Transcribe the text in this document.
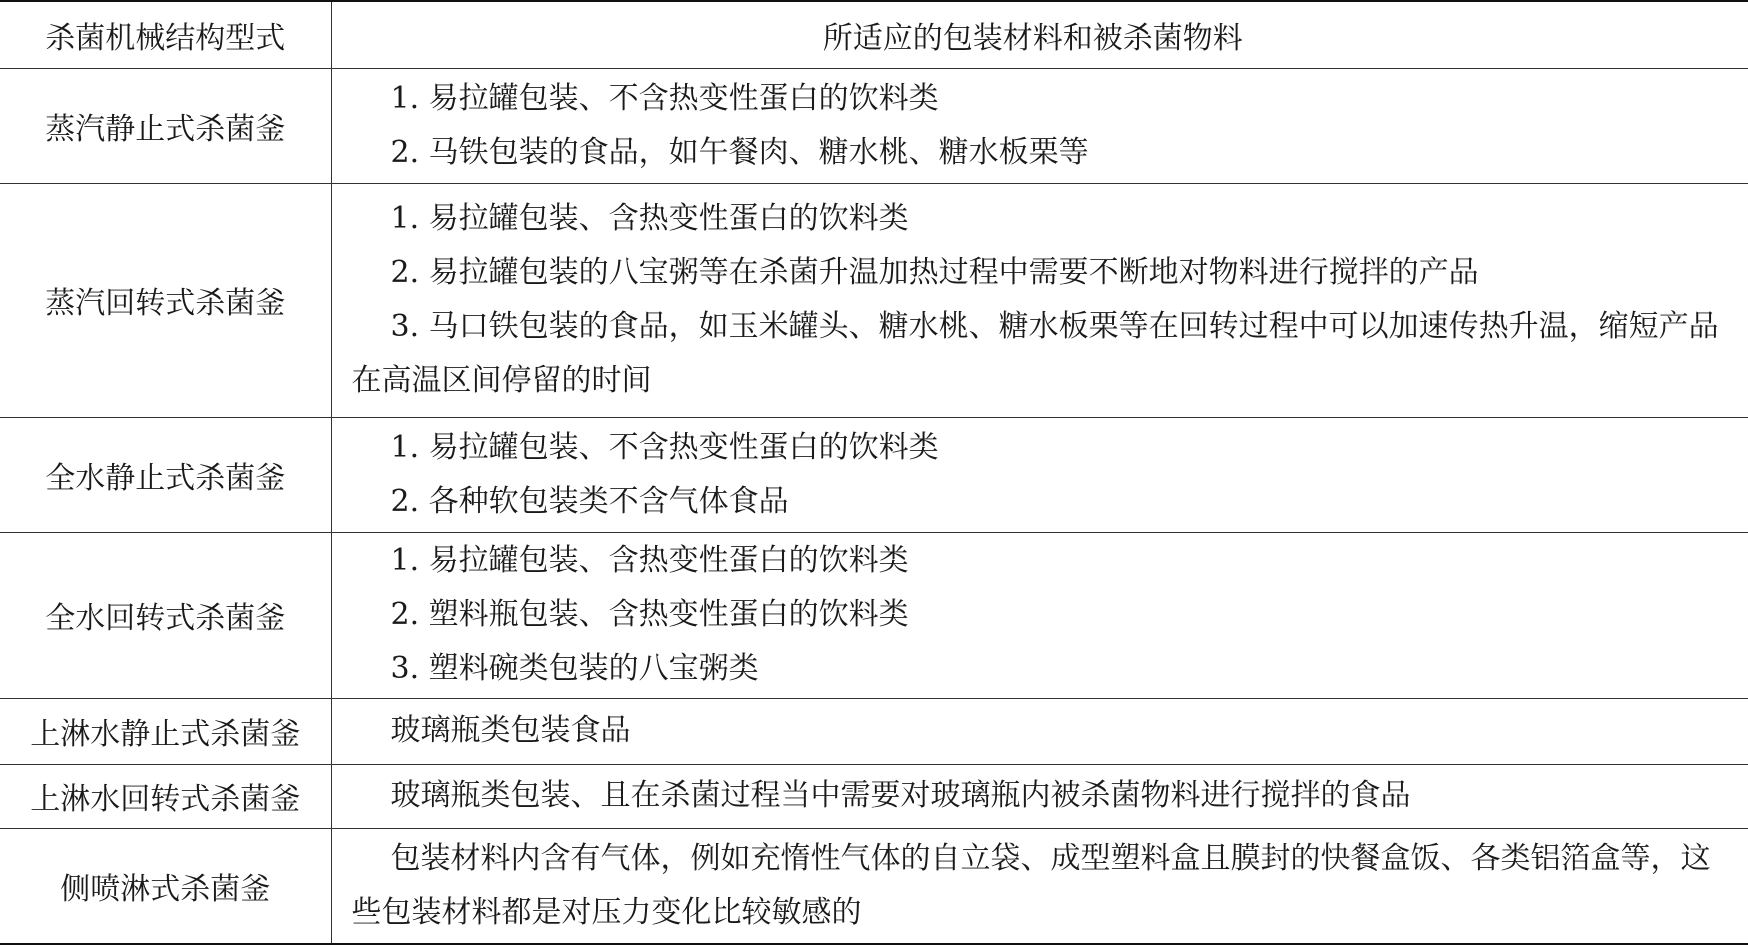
杀菌机械结构型式	所适应的包装材料和被杀菌物料
蒸汽静止式杀菌釜	1. 易拉罐包装、不含热变性蛋白的饮料类
2. 马铁包装的食品，如午餐肉、糖水桃、糖水板栗等

蒸汽回转式杀菌釜	1. 易拉罐包装、含热变性蛋白的饮料类
2. 易拉罐包装的八宝粥等在杀菌升温加热过程中需要不断地对物料进行搅拌的产品
3. 马口铁包装的食品，如玉米罐头、糖水桃、糖水板栗等在回转过程中可以加速传热升温，缩短产品在高温区间停留的时间

全水静止式杀菌釜	1. 易拉罐包装、不含热变性蛋白的饮料类
2. 各种软包装类不含气体食品

全水回转式杀菌釜	1. 易拉罐包装、含热变性蛋白的饮料类
2. 塑料瓶包装、含热变性蛋白的饮料类
3. 塑料碗类包装的八宝粥类

上淋水静止式杀菌釜	玻璃瓶类包装食品

上淋水回转式杀菌釜	玻璃瓶类包装、且在杀菌过程当中需要对玻璃瓶内被杀菌物料进行搅拌的食品

侧喷淋式杀菌釜	包装材料内含有气体，例如充惰性气体的自立袋、成型塑料盒且膜封的快餐盒饭、各类铝箔盒等，这些包装材料都是对压力变化比较敏感的
